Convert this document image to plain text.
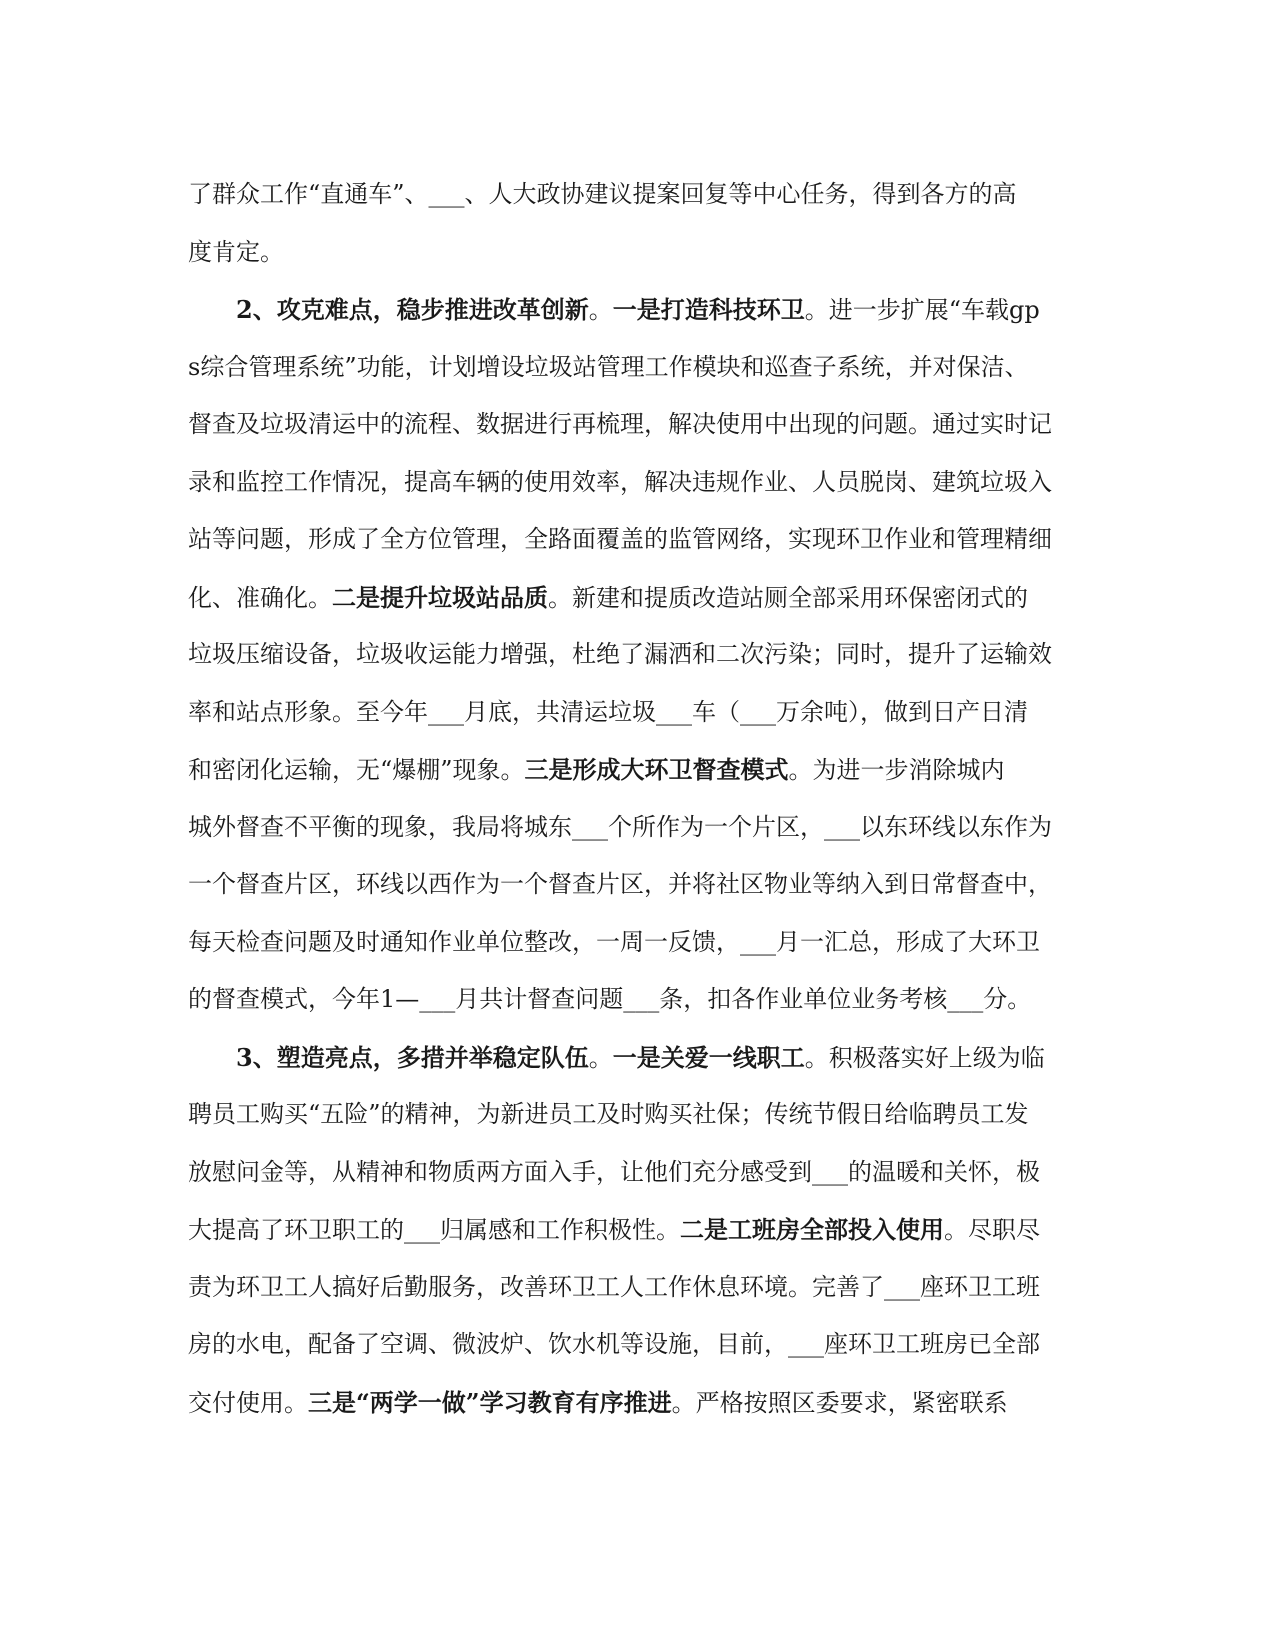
了群众工作“直通车”、___、人大政协建议提案回复等中心任务，得到各方的高
度肯定。
2、攻克难点，稳步推进改革创新。一是打造科技环卫。进一步扩展“车载gp
s综合管理系统”功能，计划增设垃圾站管理工作模块和巡查子系统，并对保洁、
督查及垃圾清运中的流程、数据进行再梳理，解决使用中出现的问题。通过实时记
录和监控工作情况，提高车辆的使用效率，解决违规作业、人员脱岗、建筑垃圾入
站等问题，形成了全方位管理，全路面覆盖的监管网络，实现环卫作业和管理精细
化、准确化。二是提升垃圾站品质。新建和提质改造站厕全部采用环保密闭式的
垃圾压缩设备，垃圾收运能力增强，杜绝了漏洒和二次污染；同时，提升了运输效
率和站点形象。至今年___月底，共清运垃圾___车（___万余吨），做到日产日清
和密闭化运输，无“爆棚”现象。三是形成大环卫督查模式。为进一步消除城内
城外督查不平衡的现象，我局将城东___个所作为一个片区，___以东环线以东作为
一个督查片区，环线以西作为一个督查片区，并将社区物业等纳入到日常督查中，
每天检查问题及时通知作业单位整改，一周一反馈，___月一汇总，形成了大环卫
的督查模式，今年1—___月共计督查问题___条，扣各作业单位业务考核___分。
3、塑造亮点，多措并举稳定队伍。一是关爱一线职工。积极落实好上级为临
聘员工购买“五险”的精神，为新进员工及时购买社保；传统节假日给临聘员工发
放慰问金等，从精神和物质两方面入手，让他们充分感受到___的温暖和关怀，极
大提高了环卫职工的___归属感和工作积极性。二是工班房全部投入使用。尽职尽
责为环卫工人搞好后勤服务，改善环卫工人工作休息环境。完善了___座环卫工班
房的水电，配备了空调、微波炉、饮水机等设施，目前，___座环卫工班房已全部
交付使用。三是“两学一做”学习教育有序推进。严格按照区委要求，紧密联系
